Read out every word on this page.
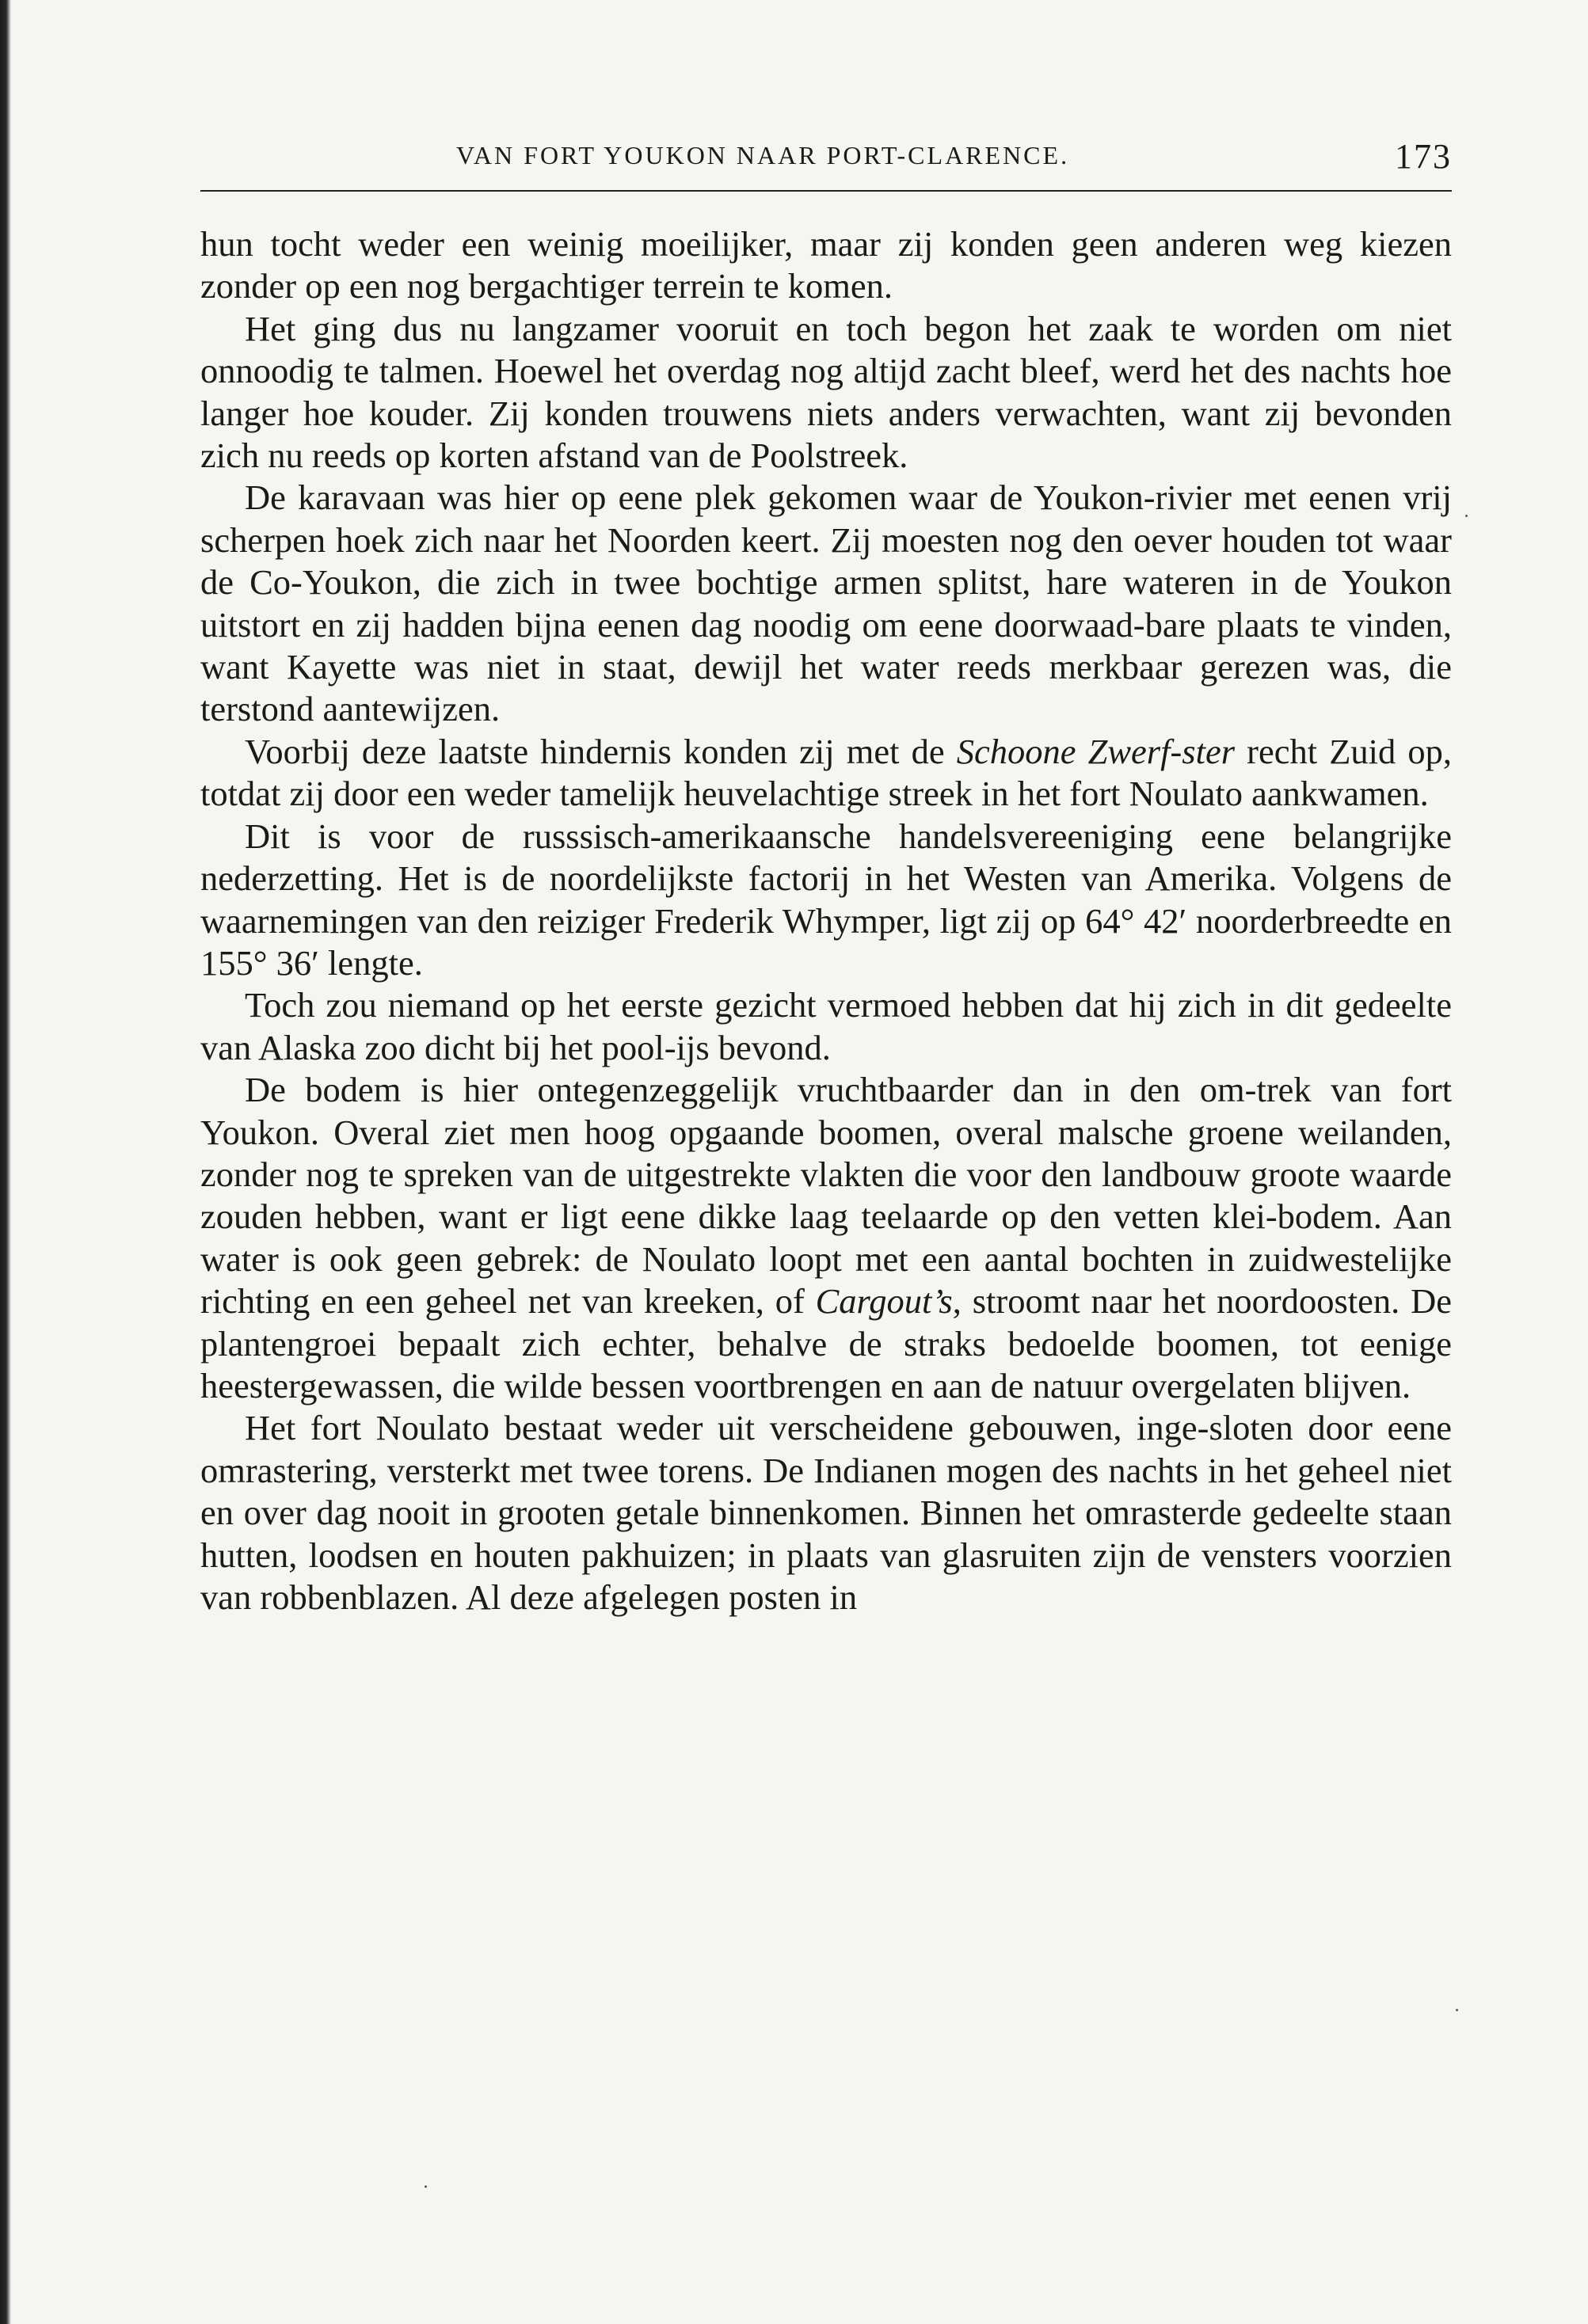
VAN FORT YOUKON NAAR PORT-CLARENCE.	173

hun tocht weder een weinig moeilijker, maar zij konden geen anderen weg kiezen zonder op een nog bergachtiger terrein te komen.

Het ging dus nu langzamer vooruit en toch begon het zaak te worden om niet onnoodig te talmen. Hoewel het overdag nog altijd zacht bleef, werd het des nachts hoe langer hoe kouder. Zij konden trouwens niets anders verwachten, want zij bevonden zich nu reeds op korten afstand van de Poolstreek.

De karavaan was hier op eene plek gekomen waar de Youkon-rivier met eenen vrij scherpen hoek zich naar het Noorden keert. Zij moesten nog den oever houden tot waar de Co-Youkon, die zich in twee bochtige armen splitst, hare wateren in de Youkon uitstort en zij hadden bijna eenen dag noodig om eene doorwaad-bare plaats te vinden, want Kayette was niet in staat, dewijl het water reeds merkbaar gerezen was, die terstond aantewijzen.

Voorbij deze laatste hindernis konden zij met de Schoone Zwerf-ster recht Zuid op, totdat zij door een weder tamelijk heuvelachtige streek in het fort Noulato aankwamen.

Dit is voor de russsisch-amerikaansche handelsvereeniging eene belangrijke nederzetting. Het is de noordelijkste factorij in het Westen van Amerika. Volgens de waarnemingen van den reiziger Frederik Whymper, ligt zij op 64° 42′ noorderbreedte en 155° 36′ lengte.

Toch zou niemand op het eerste gezicht vermoed hebben dat hij zich in dit gedeelte van Alaska zoo dicht bij het pool-ijs bevond.

De bodem is hier ontegenzeggelijk vruchtbaarder dan in den om-trek van fort Youkon. Overal ziet men hoog opgaande boomen, overal malsche groene weilanden, zonder nog te spreken van de uitgestrekte vlakten die voor den landbouw groote waarde zouden hebben, want er ligt eene dikke laag teelaarde op den vetten klei-bodem. Aan water is ook geen gebrek: de Noulato loopt met een aantal bochten in zuidwestelijke richting en een geheel net van kreeken, of Cargout’s, stroomt naar het noordoosten. De plantengroei bepaalt zich echter, behalve de straks bedoelde boomen, tot eenige heestergewassen, die wilde bessen voortbrengen en aan de natuur overgelaten blijven.

Het fort Noulato bestaat weder uit verscheidene gebouwen, inge-sloten door eene omrastering, versterkt met twee torens. De Indianen mogen des nachts in het geheel niet en over dag nooit in grooten getale binnenkomen. Binnen het omrasterde gedeelte staan hutten, loodsen en houten pakhuizen; in plaats van glasruiten zijn de vensters voorzien van robbenblazen. Al deze afgelegen posten in
